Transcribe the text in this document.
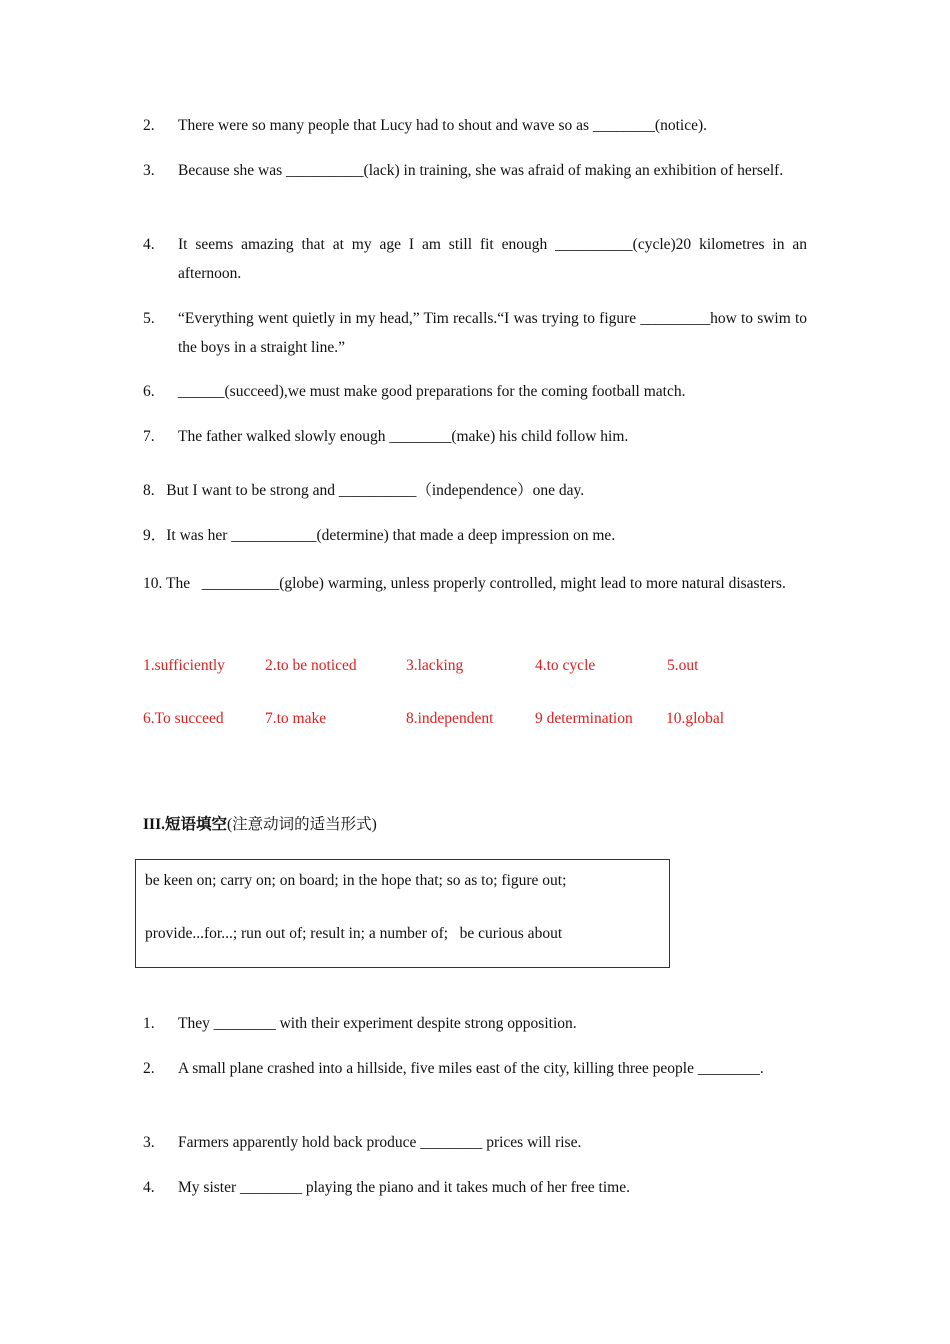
2. There were so many people that Lucy had to shout and wave so as ________(notice).
3. Because she was __________(lack) in training, she was afraid of making an exhibition of herself.
4. It seems amazing that at my age I am still fit enough __________(cycle)20 kilometres in an afternoon.
5. “Everything went quietly in my head,” Tim recalls.“I was trying to figure _________how to swim to the boys in a straight line.”
6. ______(succeed),we must make good preparations for the coming football match.
7. The father walked slowly enough ________(make) his child follow him.
8.   But I want to be strong and __________（independence）one day.
9．It was her ___________(determine) that made a deep impression on me.
10. The   __________(globe) warming, unless properly controlled, might lead to more natural disasters.
1.sufficiently	2.to be noticed	3.lacking	4.to cycle	5.out
6.To succeed	7.to make	8.independent	9 determination 10.global
III.短语填空(注意动词的适当形式)
be keen on; carry on; on board; in the hope that; so as to; figure out;
provide...for...; run out of; result in; a number of;   be curious about
1. They ________ with their experiment despite strong opposition.
2. A small plane crashed into a hillside, five miles east of the city, killing three people ________.
3. Farmers apparently hold back produce ________ prices will rise.
4. My sister ________ playing the piano and it takes much of her free time.
